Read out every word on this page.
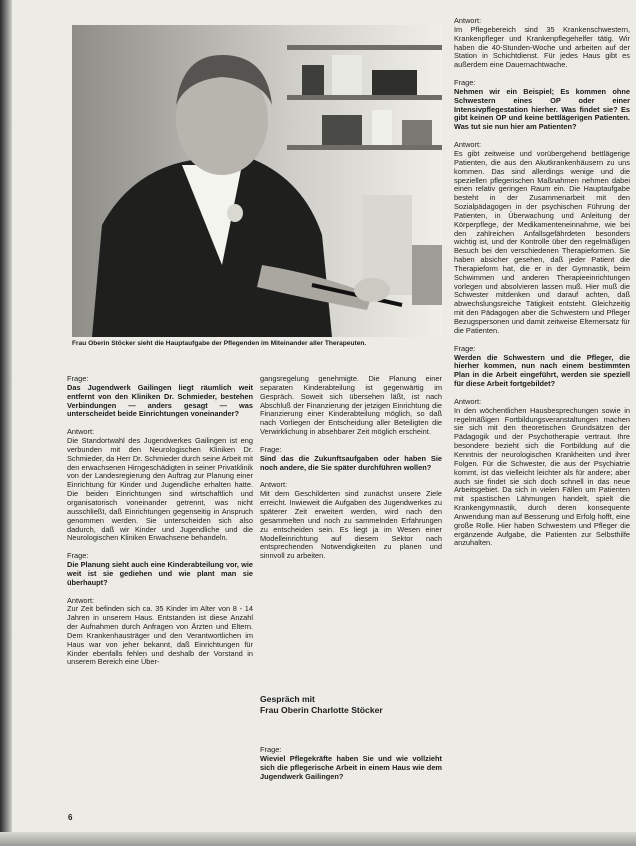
Frau Oberin Stöcker sieht die Hauptaufgabe der Pflegenden im Miteinander aller Therapeuten.
Frage:
Das Jugendwerk Gailingen liegt räumlich weit entfernt von den Kliniken Dr. Schmieder, bestehen Verbindungen — anders gesagt — was unterscheidet beide Einrichtungen voneinander?
Antwort:
Die Standortwahl des Jugendwerkes Gailingen ist eng verbunden mit den Neurologischen Kliniken Dr. Schmieder, da Herr Dr. Schmieder durch seine Arbeit mit den erwachsenen Hirngeschädigten in seiner Privatklinik von der Landesregierung den Auftrag zur Planung einer Einrichtung für Kinder und Jugendliche erhalten hatte. Die beiden Einrichtungen sind wirtschaftlich und organisatorisch voneinander getrennt, was nicht ausschließt, daß Einrichtungen gegenseitig in Anspruch genommen werden. Sie unterscheiden sich also dadurch, daß wir Kinder und Jugendliche und die Neurologischen Kliniken Erwachsene behandeln.
Frage:
Die Planung sieht auch eine Kinderabteilung vor, wie weit ist sie gediehen und wie plant man sie überhaupt?
Antwort:
Zur Zeit befinden sich ca. 35 Kinder im Alter von 8 - 14 Jahren in unserem Haus. Entstanden ist diese Anzahl der Aufnahmen durch Anfragen von Ärzten und Eltern. Dem Krankenhausträger und den Verantwortlichen im Haus war von jeher bekannt, daß Einrichtungen für Kinder ebenfalls fehlen und deshalb der Vorstand in unserem Bereich eine Über-
gangsregelung genehmigte. Die Planung einer separaten Kinderabteilung ist gegenwärtig im Gespräch. Soweit sich übersehen läßt, ist nach Abschluß der Finanzierung der jetzigen Einrichtung die Finanzierung einer Kinderabteilung möglich, so daß nach Vorliegen der Entscheidung aller Beteiligten die Verwirklichung in absehbarer Zeit möglich erscheint.
Frage:
Sind das die Zukunftsaufgaben oder haben Sie noch andere, die Sie später durchführen wollen?
Antwort:
Mit dem Geschilderten sind zunächst unsere Ziele erreicht. Inwieweit die Aufgaben des Jugendwerkes zu späterer Zeit erweitert werden, wird nach den gesammelten und noch zu sammelnden Erfahrungen zu entscheiden sein. Es liegt ja im Wesen einer Modelleinrichtung auf diesem Sektor nach entsprechenden Notwendigkeiten zu planen und sinnvoll zu arbeiten.
Gespräch mit
Frau Oberin Charlotte Stöcker
Frage:
Wieviel Pflegekräfte haben Sie und wie vollzieht sich die pflegerische Arbeit in einem Haus wie dem Jugendwerk Gailingen?
Antwort:
Im Pflegebereich sind 35 Krankenschwestern, Krankenpfleger und Krankenpflegehelfer tätig. Wir haben die 40-Stunden-Woche und arbeiten auf der Station in Schichtdienst. Für jedes Haus gibt es außerdem eine Dauernachtwache.
Frage:
Nehmen wir ein Beispiel; Es kommen ohne Schwestern eines OP oder einer Intensivpflegestation hierher. Was findet sie? Es gibt keinen OP und keine bettlägerigen Patienten. Was tut sie nun hier am Patienten?
Antwort:
Es gibt zeitweise und vorübergehend bettlägerige Patienten, die aus den Akutkrankenhäusern zu uns kommen. Das sind allerdings wenige und die speziellen pflegerischen Maßnahmen nehmen dabei einen relativ geringen Raum ein. Die Hauptaufgabe besteht in der Zusammenarbeit mit den Sozialpädagogen in der psychischen Führung der Patienten, in Überwachung und Anleitung der Körperpflege, der Medikamenteneinnahme, wie bei den zahlreichen Anfallsgefährdeten besonders wichtig ist, und der Kontrolle über den regelmäßigen Besuch bei den verschiedenen Therapieformen. Sie haben absicher gesehen, daß jeder Patient die Therapieform hat, die er in der Gymnastik, beim Schwimmen und anderen Therapieeinrichtungen vorlegen und absolvieren lassen muß. Hier muß die Schwester mitdenken und darauf achten, daß abwechslungsreiche Tätigkeit entsteht. Gleichzeitig mit den Pädagogen aber die Schwestern und Pfleger Bezugspersonen und damit zeitweise Elternersatz für die Patienten.
Frage:
Werden die Schwestern und die Pfleger, die hierher kommen, nun nach einem bestimmten Plan in die Arbeit eingeführt, werden sie speziell für diese Arbeit fortgebildet?
Antwort:
In den wöchentlichen Hausbesprechungen sowie in regelmäßigen Fortbildungsveranstaltungen machen sie sich mit den theoretischen Grundsätzen der Pädagogik und der Psychotherapie vertraut. Ihre besondere bezieht sich die Fortbildung auf die Kenntnis der neurologischen Krankheiten und ihrer Folgen. Für die Schwester, die aus der Psychiatrie kommt, ist das vielleicht leichter als für andere; aber auch sie findet sie sich doch schnell in das neue Arbeitsgebiet. Da sich in vielen Fällen um Patienten mit spastischen Lähmungen handelt, spielt die Krankengymnastik, durch deren konsequente Anwendung man auf Besserung und Erfolg hofft, eine große Rolle. Hier haben Schwestern und Pfleger die ergänzende Aufgabe, die Patienten zur Selbsthilfe anzuhalten.
6
